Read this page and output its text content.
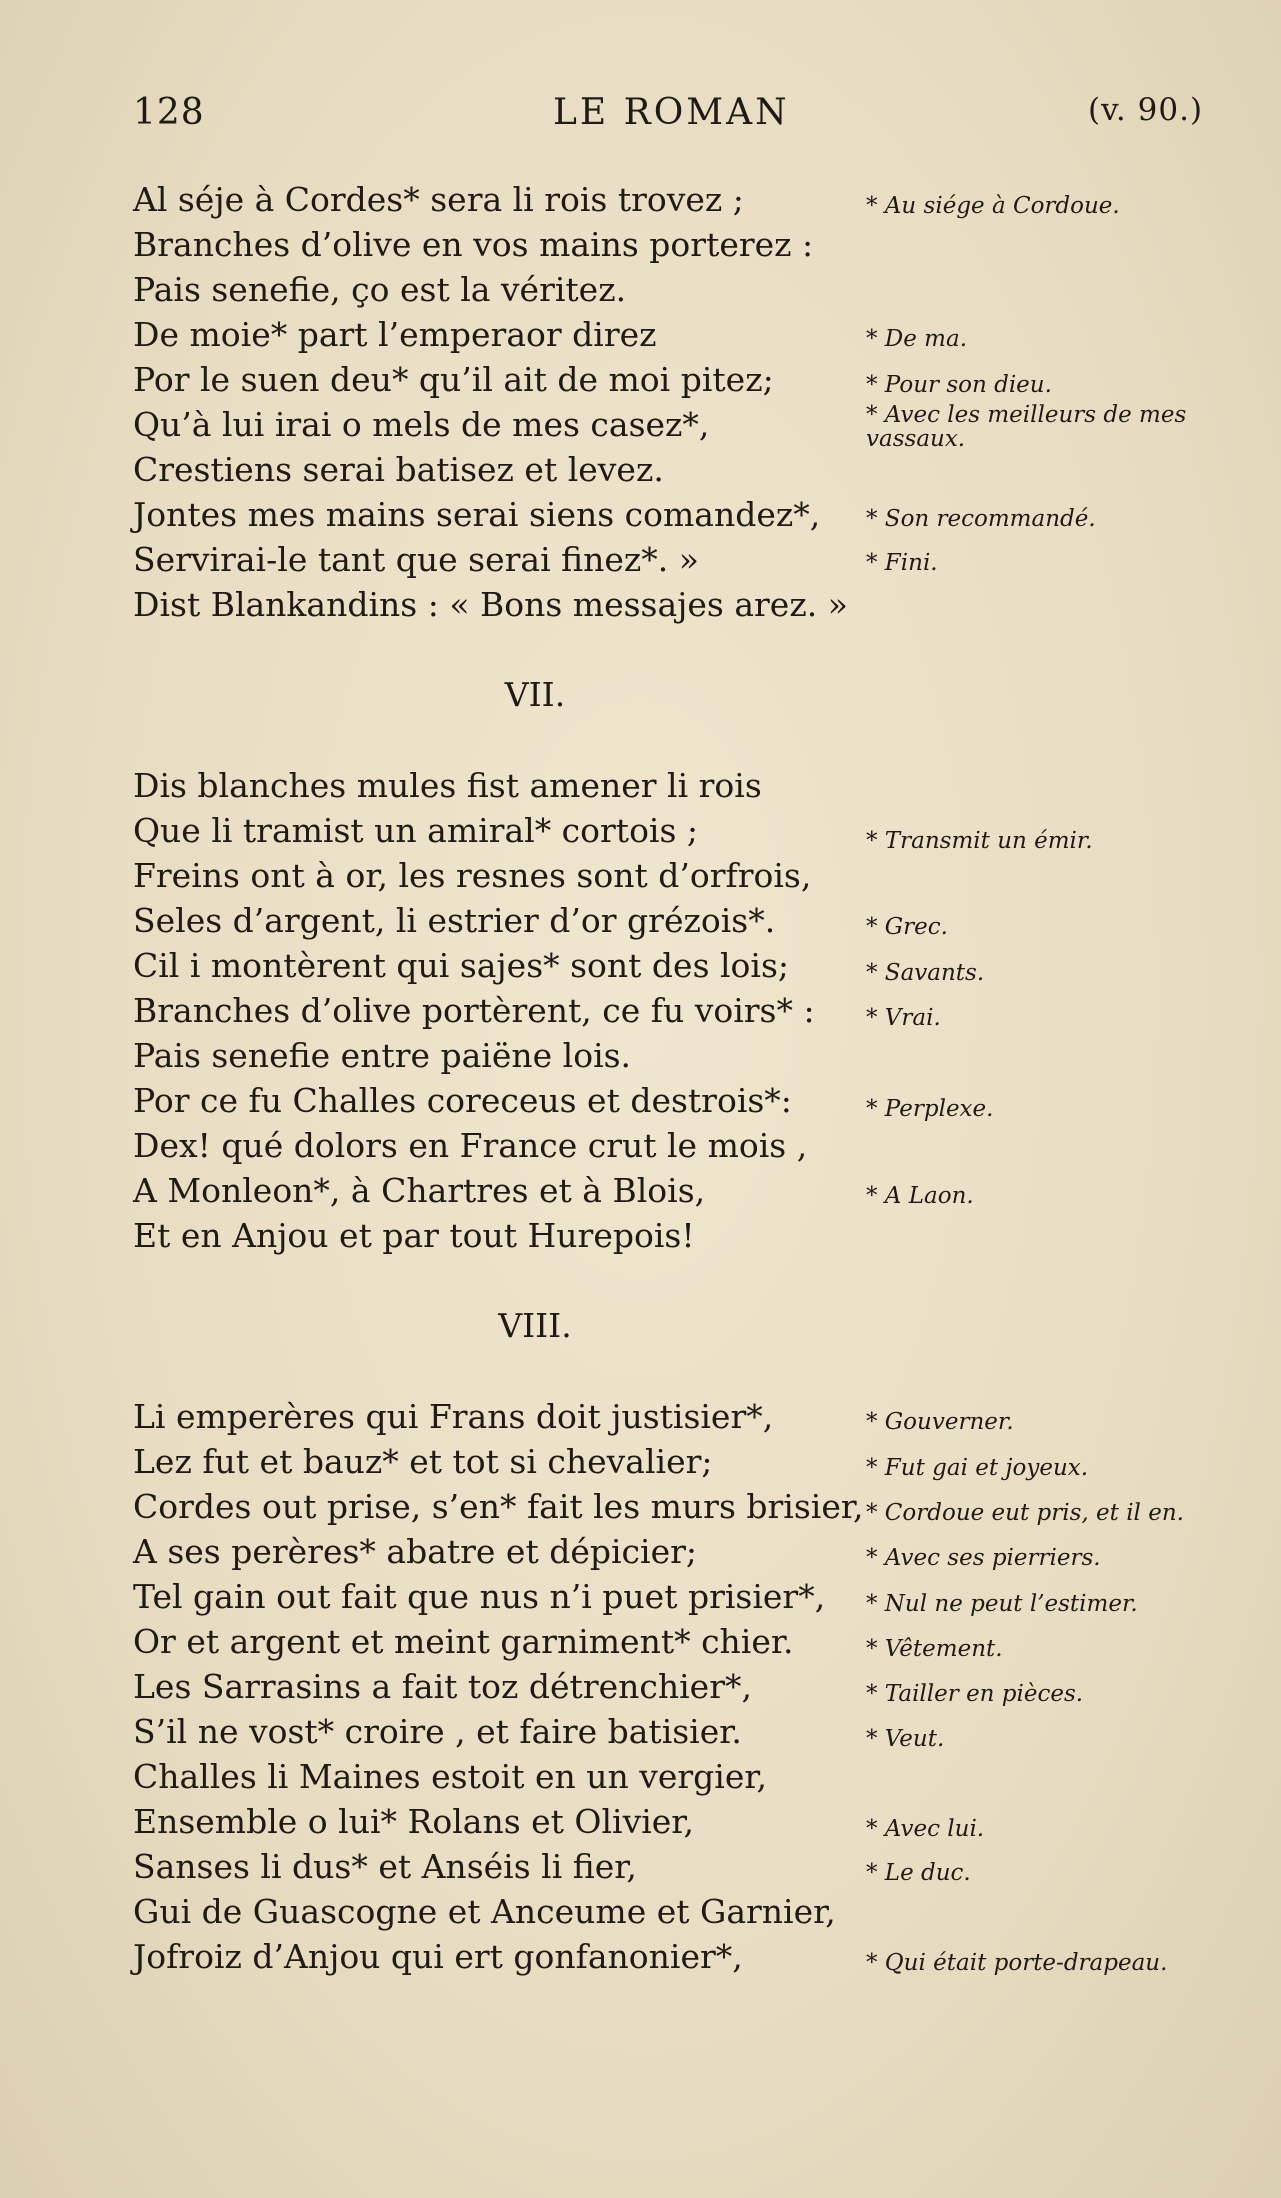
128	LE ROMAN	(v. 90.)
Al séje à Cordes* sera li rois trovez ;
Branches d’olive en vos mains porterez :
Pais senefie, ço est la véritez.
De moie* part l’emperaor direz
Por le suen deu* qu’il ait de moi pitez;
Qu’à lui irai o mels de mes casez*,
Crestiens serai batisez et levez.
Jontes mes mains serai siens comandez*,
Servirai-le tant que serai finez*. »
Dist Blankandins : « Bons messajes arez. »
* Au siége à Cordoue.
* De ma.
* Pour son dieu.
* Avec les meilleurs de mes vassaux.
* Son recommandé.
* Fini.
VII.
Dis blanches mules fist amener li rois
Que li tramist un amiral* cortois ;
Freins ont à or, les resnes sont d’orfrois,
Seles d’argent, li estrier d’or grézois*.
Cil i montèrent qui sajes* sont des lois;
Branches d’olive portèrent, ce fu voirs* :
Pais senefie entre paiëne lois.
Por ce fu Challes coreceus et destrois*:
Dex! qué dolors en France crut le mois ,
A Monleon*, à Chartres et à Blois,
Et en Anjou et par tout Hurepois!
* Transmit un émir.
* Grec.
* Savants.
* Vrai.
* Perplexe.
* A Laon.
VIII.
Li emperères qui Frans doit justisier*,
Lez fut et bauz* et tot si chevalier;
Cordes out prise, s’en* fait les murs brisier,
A ses perères* abatre et dépicier;
Tel gain out fait que nus n’i puet prisier*,
Or et argent et meint garniment* chier.
Les Sarrasins a fait toz détrenchier*,
S’il ne vost* croire , et faire batisier.
Challes li Maines estoit en un vergier,
Ensemble o lui* Rolans et Olivier,
Sanses li dus* et Anséis li fier,
Gui de Guascogne et Anceume et Garnier,
Jofroiz d’Anjou qui ert gonfanonier*,
* Gouverner.
* Fut gai et joyeux.
* Cordoue eut pris, et il en.
* Avec ses pierriers.
* Nul ne peut l’estimer.
* Vêtement.
* Tailler en pièces.
* Veut.
* Avec lui.
* Le duc.
* Qui était porte-drapeau.
